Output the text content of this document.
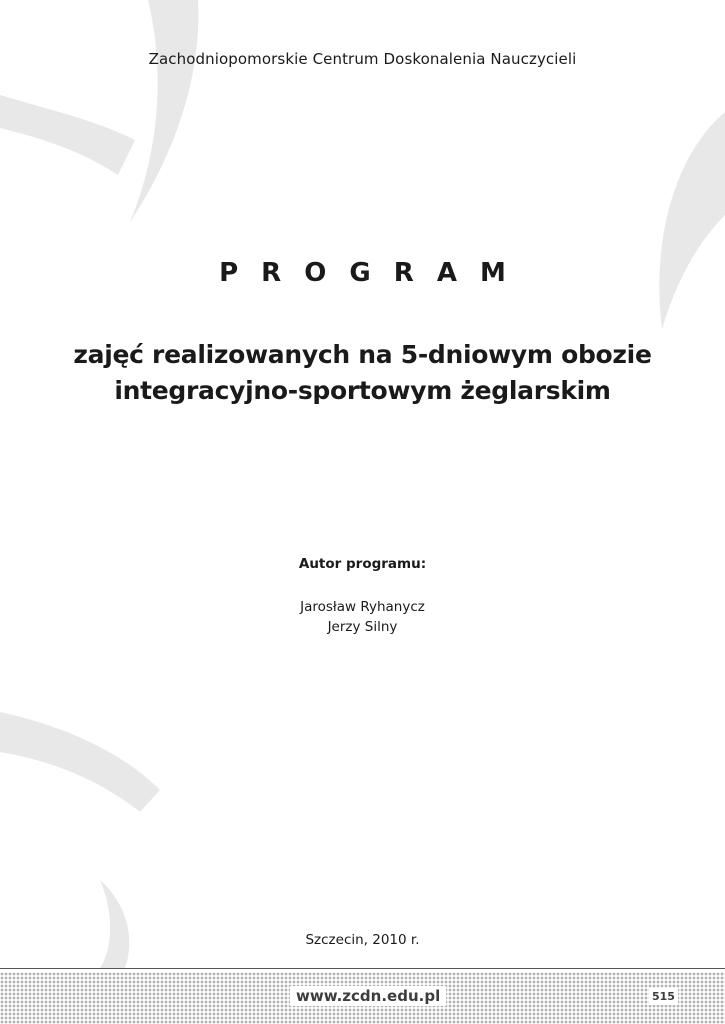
Zachodniopomorskie Centrum Doskonalenia Nauczycieli
P R O G R A M
zajęć realizowanych na 5-dniowym obozie
integracyjno-sportowym żeglarskim
Autor programu:
Jarosław Ryhanycz
Jerzy Silny
Szczecin, 2010 r.
www.zcdn.edu.pl	515
